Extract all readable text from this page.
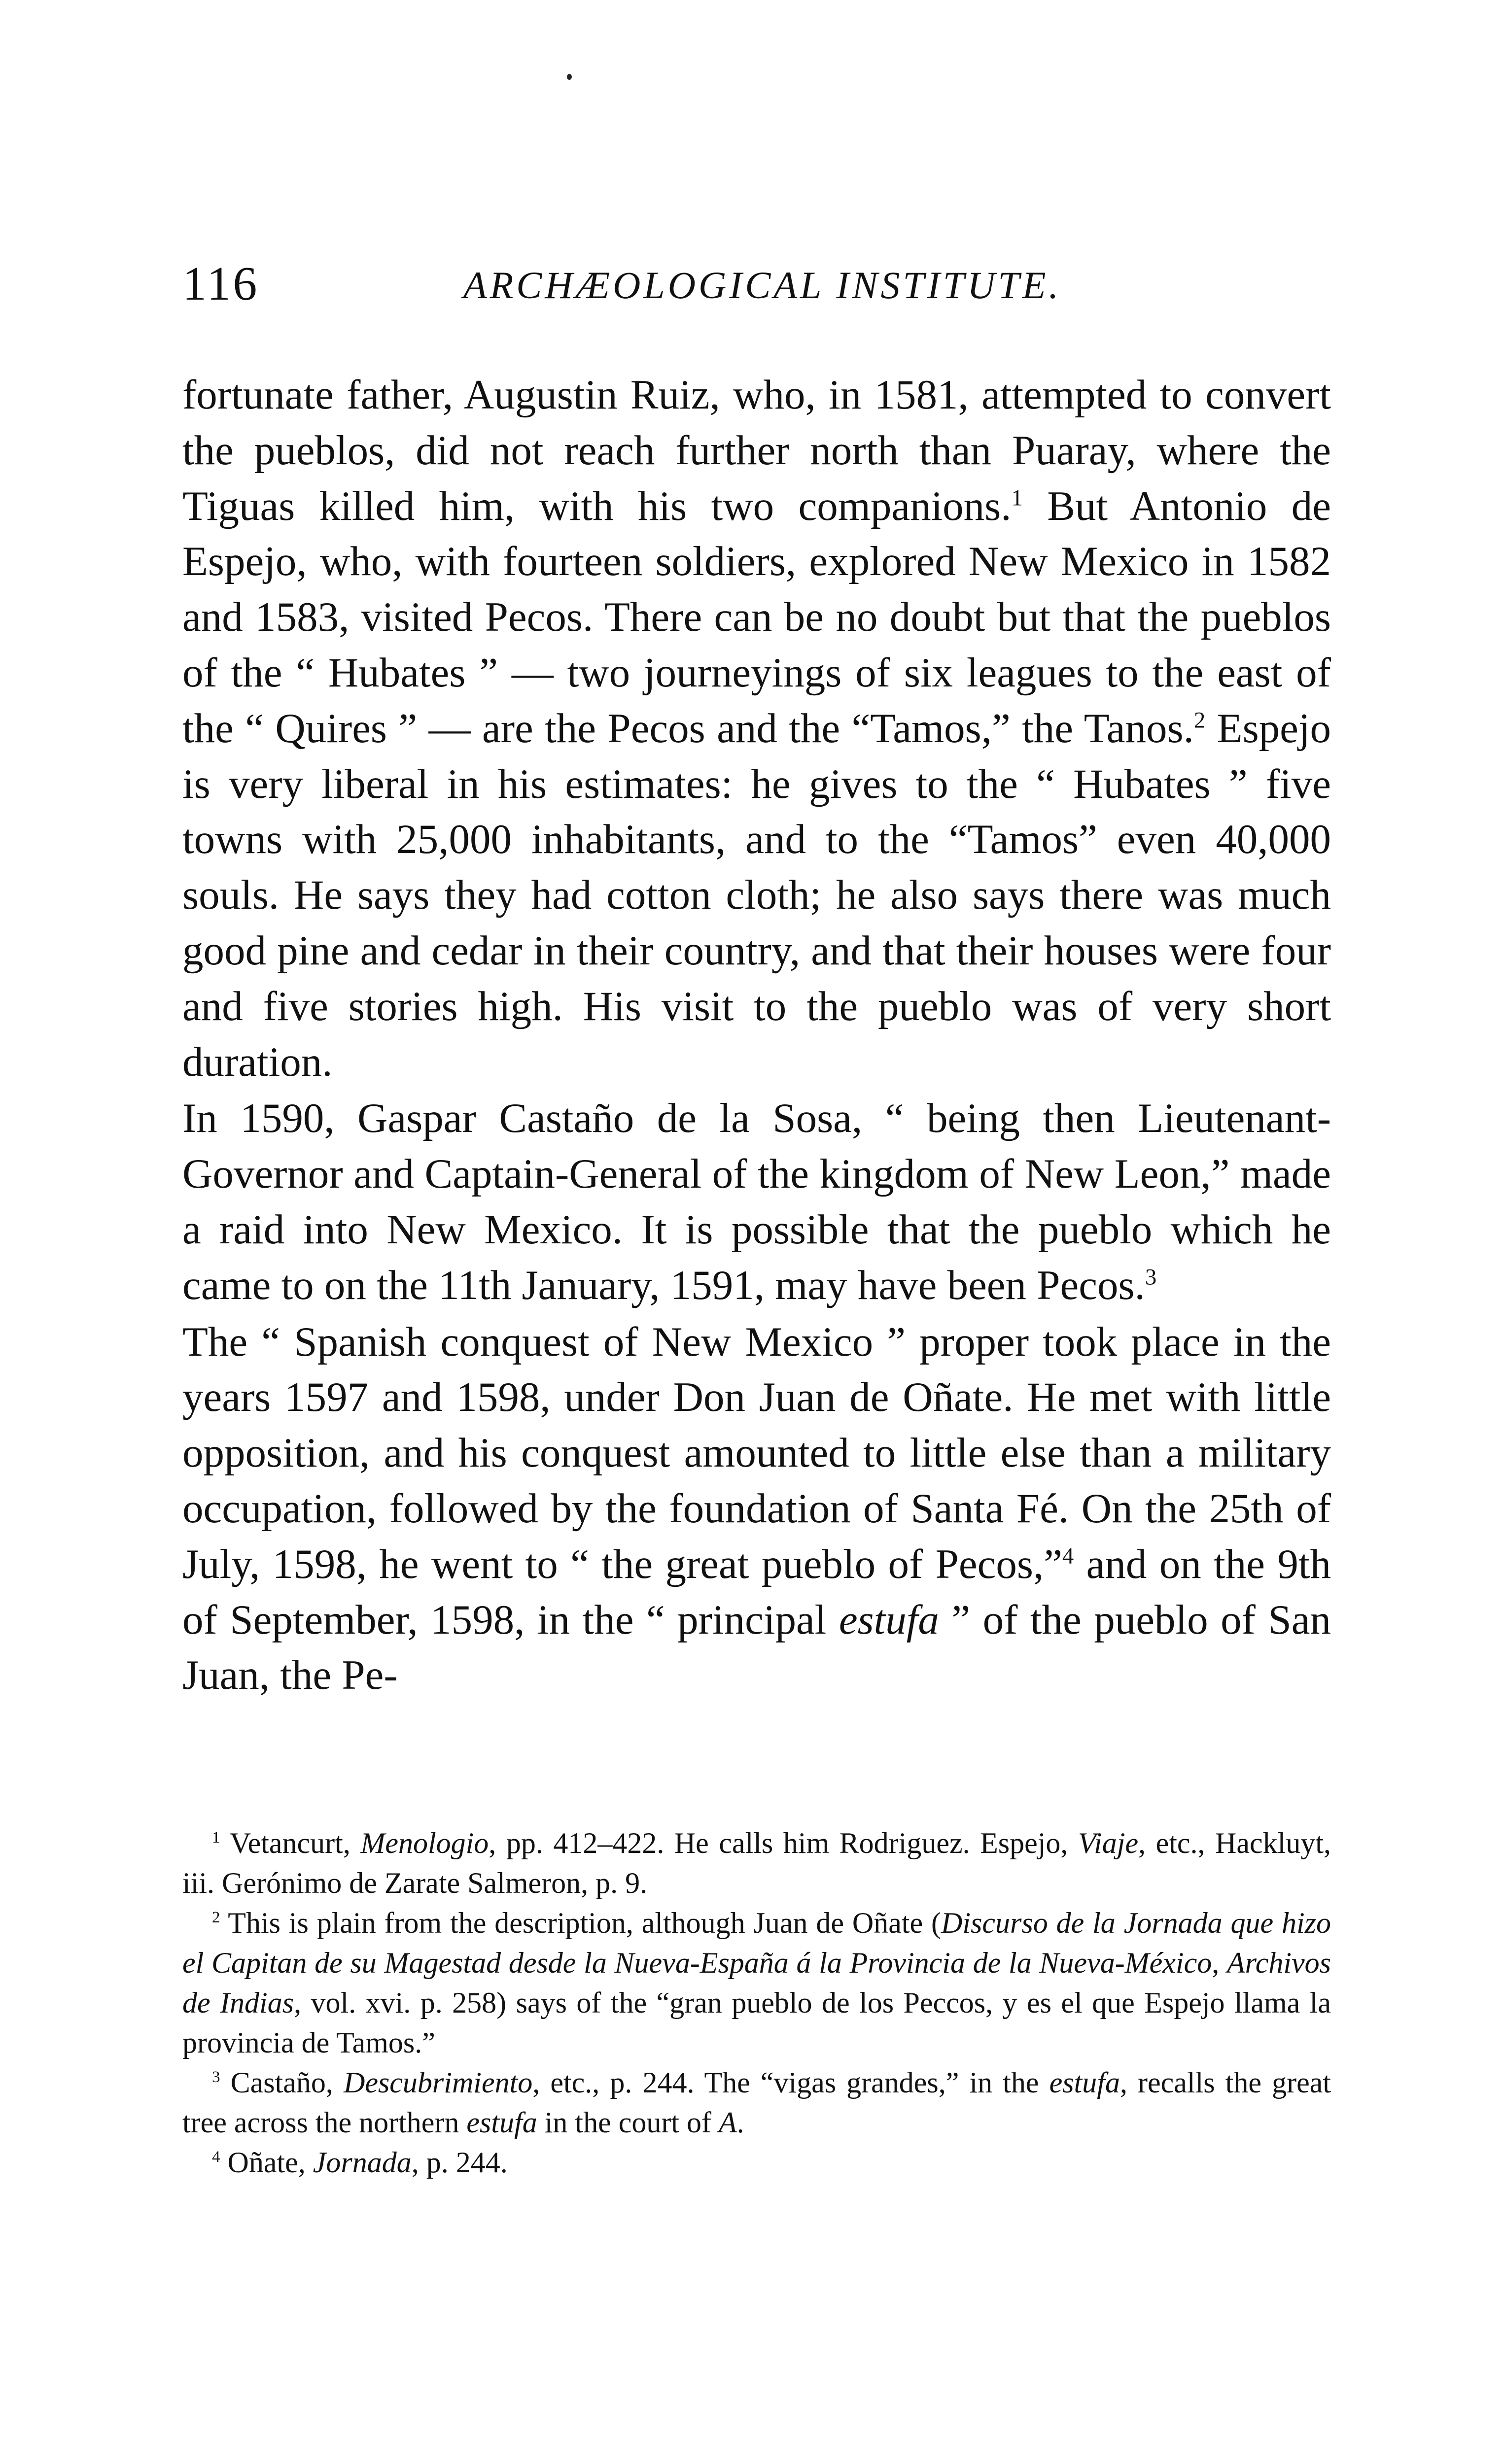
116	ARCHÆOLOGICAL INSTITUTE.

fortunate father, Augustin Ruiz, who, in 1581, attempted to convert the pueblos, did not reach further north than Puaray, where the Tiguas killed him, with his two companions.$^1$ But Antonio de Espejo, who, with fourteen soldiers, explored New Mexico in 1582 and 1583, visited Pecos. There can be no doubt but that the pueblos of the “ Hubates ” — two journeyings of six leagues to the east of the “ Quires ” — are the Pecos and the “Tamos,” the Tanos.$^2$ Espejo is very liberal in his estimates: he gives to the “ Hubates ” five towns with 25,000 inhabitants, and to the “Tamos” even 40,000 souls. He says they had cotton cloth; he also says there was much good pine and cedar in their country, and that their houses were four and five stories high. His visit to the pueblo was of very short duration.

In 1590, Gaspar Castaño de la Sosa, “ being then Lieutenant-Governor and Captain-General of the kingdom of New Leon,” made a raid into New Mexico. It is possible that the pueblo which he came to on the 11th January, 1591, may have been Pecos.$^3$

The “ Spanish conquest of New Mexico ” proper took place in the years 1597 and 1598, under Don Juan de Oñate. He met with little opposition, and his conquest amounted to little else than a military occupation, followed by the foundation of Santa Fé. On the 25th of July, 1598, he went to “ the great pueblo of Pecos,”$^4$ and on the 9th of September, 1598, in the “ principal estufa ” of the pueblo of San Juan, the Pe-

$^1$ Vetancurt, Menologio, pp. 412–422. He calls him Rodriguez. Espejo, Viaje, etc., Hackluyt, iii. Gerónimo de Zarate Salmeron, p. 9.

$^2$ This is plain from the description, although Juan de Oñate (Discurso de la Jornada que hizo el Capitan de su Magestad desde la Nueva-España á la Provincia de la Nueva-México, Archivos de Indias, vol. xvi. p. 258) says of the “gran pueblo de los Peccos, y es el que Espejo llama la provincia de Tamos.”

$^3$ Castaño, Descubrimiento, etc., p. 244. The “vigas grandes,” in the estufa, recalls the great tree across the northern estufa in the court of A.

$^4$ Oñate, Jornada, p. 244.
